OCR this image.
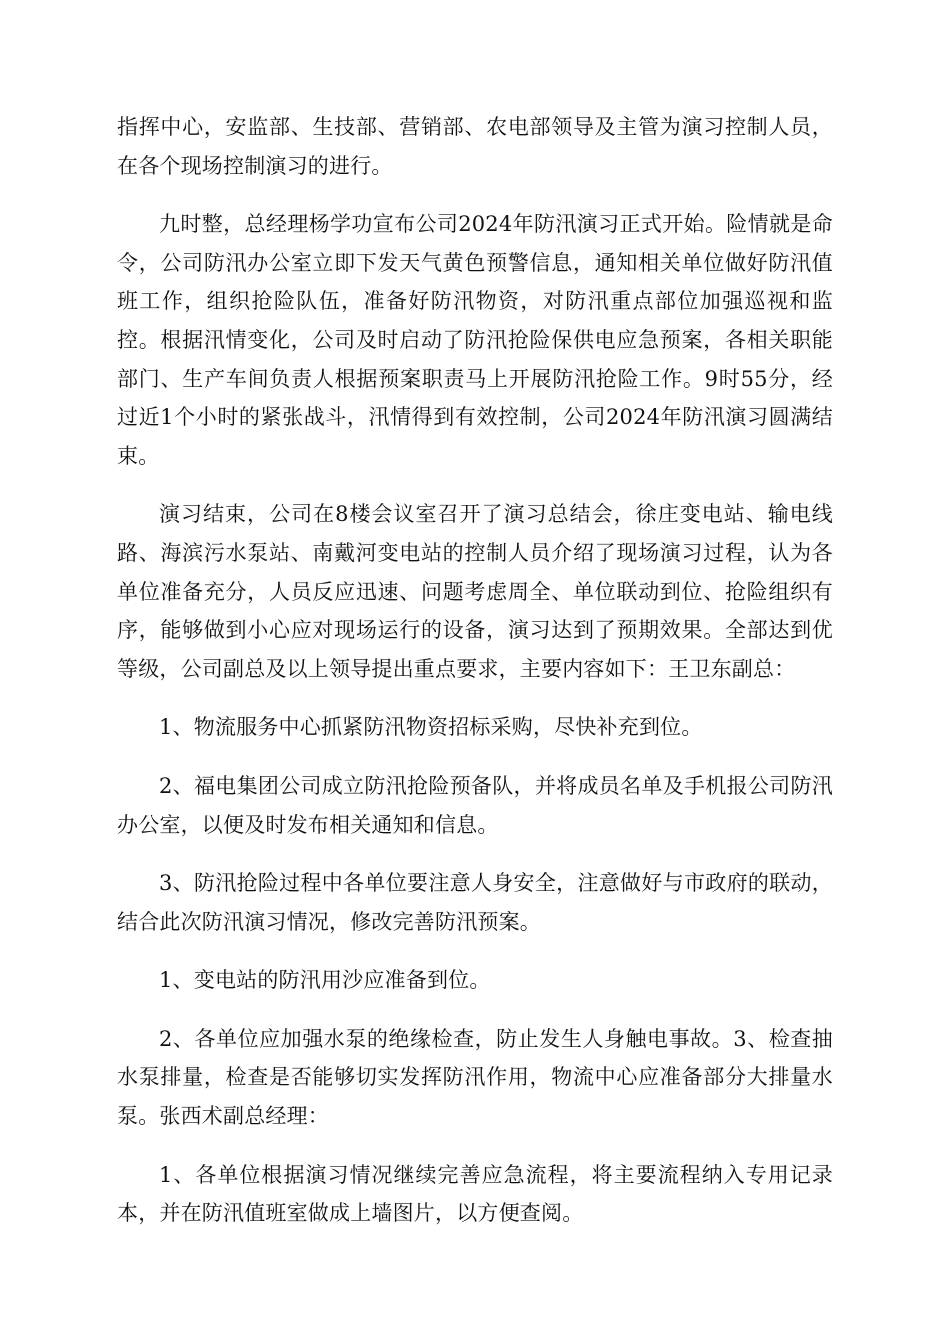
指挥中心，安监部、生技部、营销部、农电部领导及主管为演习控制人员，在各个现场控制演习的进行。

九时整，总经理杨学功宣布公司2024年防汛演习正式开始。险情就是命令，公司防汛办公室立即下发天气黄色预警信息，通知相关单位做好防汛值班工作，组织抢险队伍，准备好防汛物资，对防汛重点部位加强巡视和监控。根据汛情变化，公司及时启动了防汛抢险保供电应急预案，各相关职能部门、生产车间负责人根据预案职责马上开展防汛抢险工作。9时55分，经过近1个小时的紧张战斗，汛情得到有效控制，公司2024年防汛演习圆满结束。

演习结束，公司在8楼会议室召开了演习总结会，徐庄变电站、输电线路、海滨污水泵站、南戴河变电站的控制人员介绍了现场演习过程，认为各单位准备充分，人员反应迅速、问题考虑周全、单位联动到位、抢险组织有序，能够做到小心应对现场运行的设备，演习达到了预期效果。全部达到优等级，公司副总及以上领导提出重点要求，主要内容如下：王卫东副总：

1、物流服务中心抓紧防汛物资招标采购，尽快补充到位。

2、福电集团公司成立防汛抢险预备队，并将成员名单及手机报公司防汛办公室，以便及时发布相关通知和信息。

3、防汛抢险过程中各单位要注意人身安全，注意做好与市政府的联动，结合此次防汛演习情况，修改完善防汛预案。

1、变电站的防汛用沙应准备到位。

2、各单位应加强水泵的绝缘检查，防止发生人身触电事故。3、检查抽水泵排量，检查是否能够切实发挥防汛作用，物流中心应准备部分大排量水泵。张西术副总经理：

1、各单位根据演习情况继续完善应急流程，将主要流程纳入专用记录本，并在防汛值班室做成上墙图片，以方便查阅。
